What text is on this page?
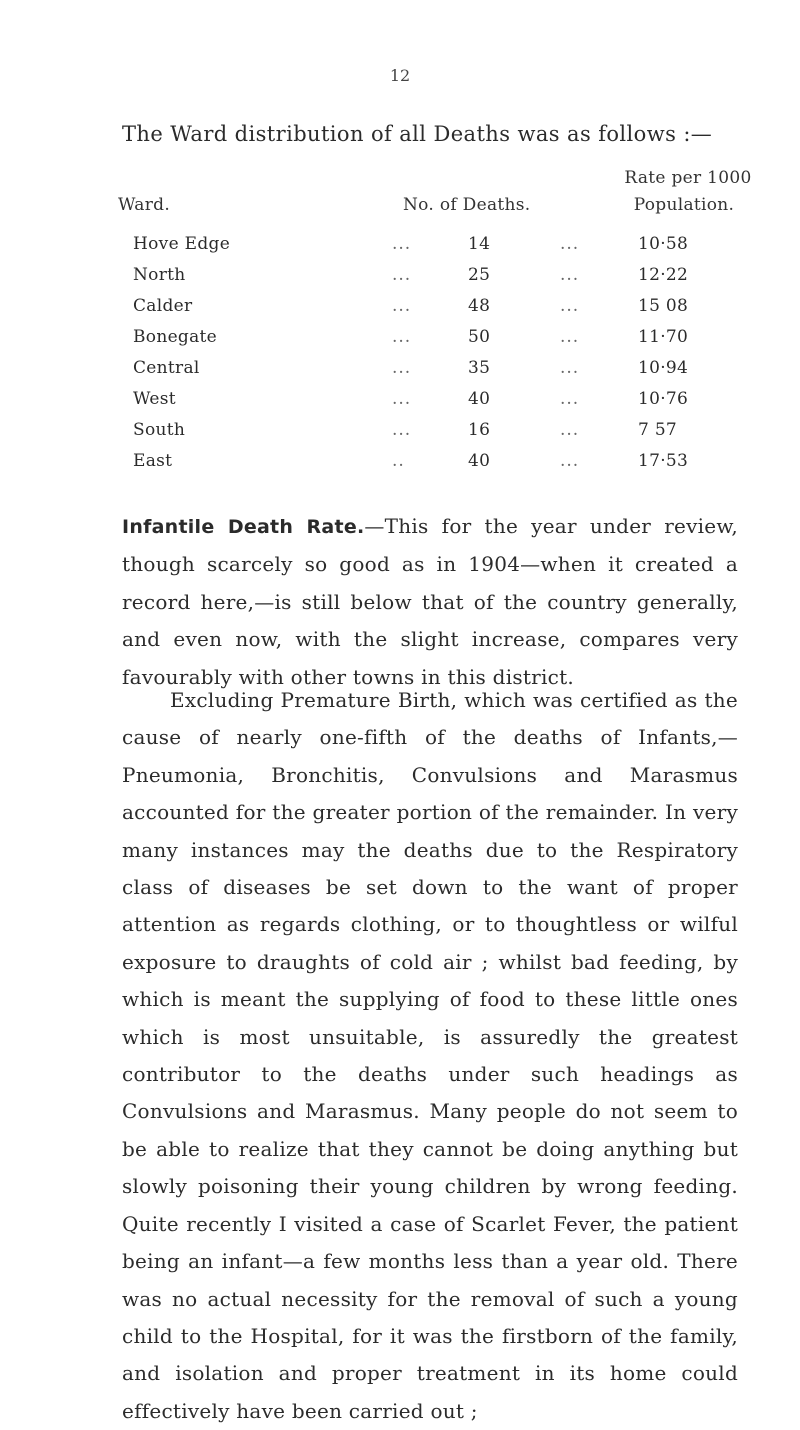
12
The Ward distribution of all Deaths was as follows :—
Ward.	No. of Deaths.
Rate per 1000
Population.
Hove Edge	...	14	...	10·58
North	...	25	...	12·22
Calder	...	48	...	15 08
Bonegate	...	50	...	11·70
Central	...	35	...	10·94
West	...	40	...	10·76
South	...	16	...	7 57
East	..	40	...	17·53
Infantile Death Rate.—This for the year under review, though scarcely so good as in 1904—when it created a record here,—is still below that of the country generally, and even now, with the slight increase, compares very favourably with other towns in this district.
Excluding Premature Birth, which was certified as the cause of nearly one-fifth of the deaths of Infants,—Pneumonia, Bronchitis, Convulsions and Marasmus accounted for the greater portion of the remainder. In very many instances may the deaths due to the Respiratory class of diseases be set down to the want of proper attention as regards clothing, or to thoughtless or wilful exposure to draughts of cold air ; whilst bad feeding, by which is meant the supplying of food to these little ones which is most unsuitable, is assuredly the greatest contributor to the deaths under such headings as Convulsions and Marasmus. Many people do not seem to be able to realize that they cannot be doing anything but slowly poisoning their young children by wrong feeding. Quite recently I visited a case of Scarlet Fever, the patient being an infant—a few months less than a year old. There was no actual necessity for the removal of such a young child to the Hospital, for it was the firstborn of the family, and isolation and proper treatment in its home could effectively have been carried out ;
